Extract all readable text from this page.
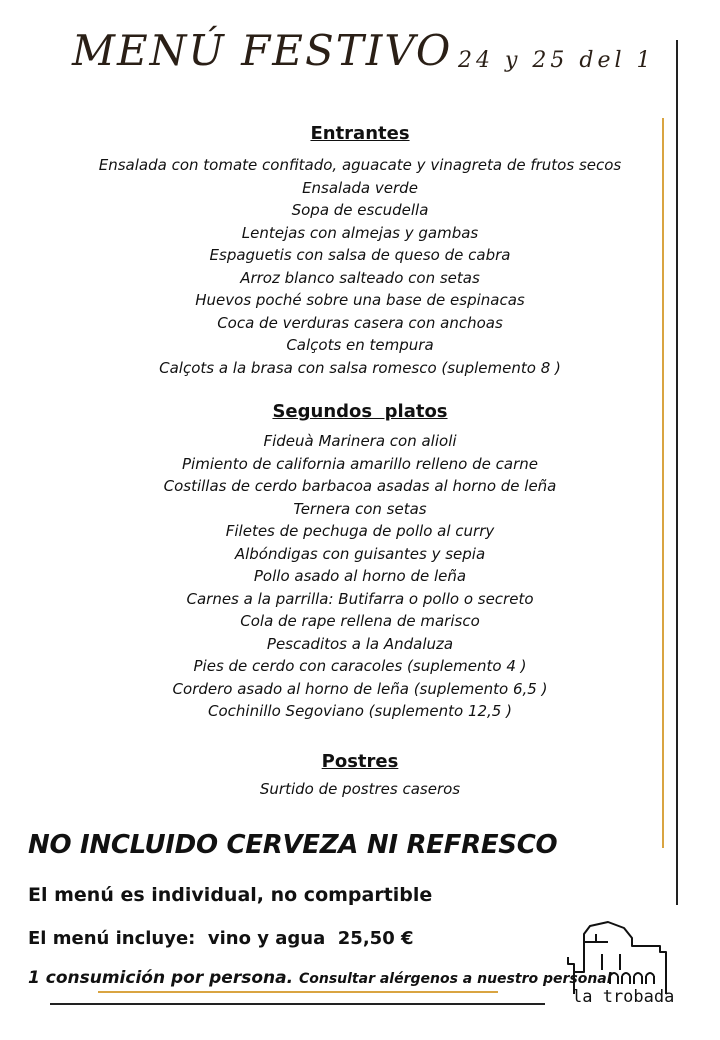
MENÚ FESTIVO 24 y 25 del 1
Entrantes
Ensalada con tomate confitado, aguacate y vinagreta de frutos secos
Ensalada verde
Sopa de escudella
Lentejas con almejas y gambas
Espaguetis con salsa de queso de cabra
Arroz blanco salteado con setas
Huevos poché sobre una base de espinacas
Coca de verduras casera con anchoas
Calçots en tempura
Calçots a la brasa con salsa romesco (suplemento 8 )
Segundos  platos
Fideuà Marinera con alioli
Pimiento de california amarillo relleno de carne
Costillas de cerdo barbacoa asadas al horno de leña
Ternera con setas
Filetes de pechuga de pollo al curry
Albóndigas con guisantes y sepia
Pollo asado al horno de leña
Carnes a la parrilla: Butifarra o pollo o secreto
Cola de rape rellena de marisco
Pescaditos a la Andaluza
Pies de cerdo con caracoles (suplemento 4 )
Cordero asado al horno de leña (suplemento 6,5 )
Cochinillo Segoviano (suplemento 12,5 )
Postres
Surtido de postres caseros
NO INCLUIDO CERVEZA NI REFRESCO
El menú es individual, no compartible
El menú incluye:  vino y agua  25,50 €
1 consumición por persona. Consultar alérgenos a nuestro personal
la trobada
